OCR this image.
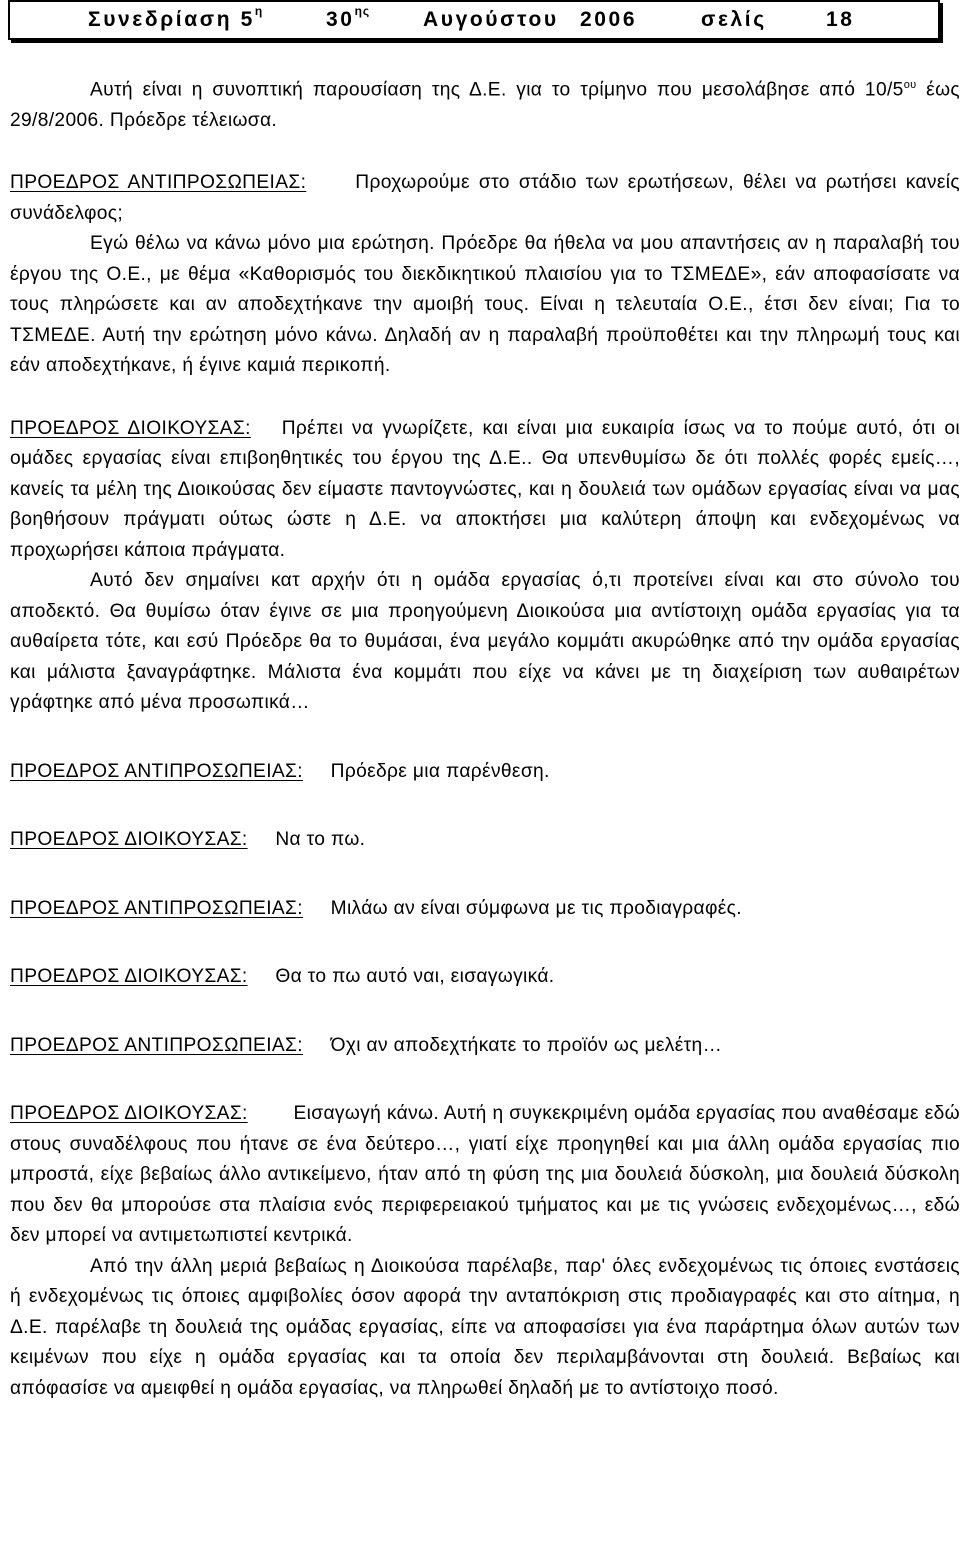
Συνεδρίαση $5^\eta$	$30^{\eta\varsigma}$	Αυγούστου 2006	σελίς	18

Αυτή είναι η συνοπτική παρουσίαση της Δ.Ε. για το τρίμηνο που μεσολάβησε από $10/5^{o\upsilon}$ έως 29/8/2006. Πρόεδρε τέλειωσα.

ΠΡΟΕΔΡΟΣ ΑΝΤΙΠΡΟΣΩΠΕΙΑΣ:	Προχωρούμε στο στάδιο των ερωτήσεων, θέλει να ρωτήσει κανείς συνάδελφος;

Εγώ θέλω να κάνω μόνο μια ερώτηση. Πρόεδρε θα ήθελα να μου απαντήσεις αν η παραλαβή του έργου της Ο.Ε., με θέμα «Καθορισμός του διεκδικητικού πλαισίου για το ΤΣΜΕΔΕ», εάν αποφασίσατε να τους πληρώσετε και αν αποδεχτήκανε την αμοιβή τους. Είναι η τελευταία Ο.Ε., έτσι δεν είναι; Για το ΤΣΜΕΔΕ. Αυτή την ερώτηση μόνο κάνω. Δηλαδή αν η παραλαβή προϋποθέτει και την πληρωμή τους και εάν αποδεχτήκανε, ή έγινε καμιά περικοπή.

ΠΡΟΕΔΡΟΣ ΔΙΟΙΚΟΥΣΑΣ: Πρέπει να γνωρίζετε, και είναι μια ευκαιρία ίσως να το πούμε αυτό, ότι οι ομάδες εργασίας είναι επιβοηθητικές του έργου της Δ.Ε.. Θα υπενθυμίσω δε ότι πολλές φορές εμείς…, κανείς τα μέλη της Διοικούσας δεν είμαστε παντογνώστες, και η δουλειά των ομάδων εργασίας είναι να μας βοηθήσουν πράγματι ούτως ώστε η Δ.Ε. να αποκτήσει μια καλύτερη άποψη και ενδεχομένως να προχωρήσει κάποια πράγματα.

Αυτό δεν σημαίνει κατ αρχήν ότι η ομάδα εργασίας ό,τι προτείνει είναι και στο σύνολο του αποδεκτό. Θα θυμίσω όταν έγινε σε μια προηγούμενη Διοικούσα μια αντίστοιχη ομάδα εργασίας για τα αυθαίρετα τότε, και εσύ Πρόεδρε θα το θυμάσαι, ένα μεγάλο κομμάτι ακυρώθηκε από την ομάδα εργασίας και μάλιστα ξαναγράφτηκε. Μάλιστα ένα κομμάτι που είχε να κάνει με τη διαχείριση των αυθαιρέτων γράφτηκε από μένα προσωπικά…

ΠΡΟΕΔΡΟΣ ΑΝΤΙΠΡΟΣΩΠΕΙΑΣ: Πρόεδρε μια παρένθεση.

ΠΡΟΕΔΡΟΣ ΔΙΟΙΚΟΥΣΑΣ: Να το πω.

ΠΡΟΕΔΡΟΣ ΑΝΤΙΠΡΟΣΩΠΕΙΑΣ: Μιλάω αν είναι σύμφωνα με τις προδιαγραφές.

ΠΡΟΕΔΡΟΣ ΔΙΟΙΚΟΥΣΑΣ: Θα το πω αυτό ναι, εισαγωγικά.

ΠΡΟΕΔΡΟΣ ΑΝΤΙΠΡΟΣΩΠΕΙΑΣ: Όχι αν αποδεχτήκατε το προϊόν ως μελέτη…

ΠΡΟΕΔΡΟΣ ΔΙΟΙΚΟΥΣΑΣ: Εισαγωγή κάνω. Αυτή η συγκεκριμένη ομάδα εργασίας που αναθέσαμε εδώ στους συναδέλφους που ήτανε σε ένα δεύτερο…, γιατί είχε προηγηθεί και μια άλλη ομάδα εργασίας πιο μπροστά, είχε βεβαίως άλλο αντικείμενο, ήταν από τη φύση της μια δουλειά δύσκολη, μια δουλειά δύσκολη που δεν θα μπορούσε στα πλαίσια ενός περιφερειακού τμήματος και με τις γνώσεις ενδεχομένως…, εδώ δεν μπορεί να αντιμετωπιστεί κεντρικά.

Από την άλλη μεριά βεβαίως η Διοικούσα παρέλαβε, παρ' όλες ενδεχομένως τις όποιες ενστάσεις ή ενδεχομένως τις όποιες αμφιβολίες όσον αφορά την ανταπόκριση στις προδιαγραφές και στο αίτημα, η Δ.Ε. παρέλαβε τη δουλειά της ομάδας εργασίας, είπε να αποφασίσει για ένα παράρτημα όλων αυτών των κειμένων που είχε η ομάδα εργασίας και τα οποία δεν περιλαμβάνονται στη δουλειά. Βεβαίως και απόφασίσε να αμειφθεί η ομάδα εργασίας, να πληρωθεί δηλαδή με το αντίστοιχο ποσό.
